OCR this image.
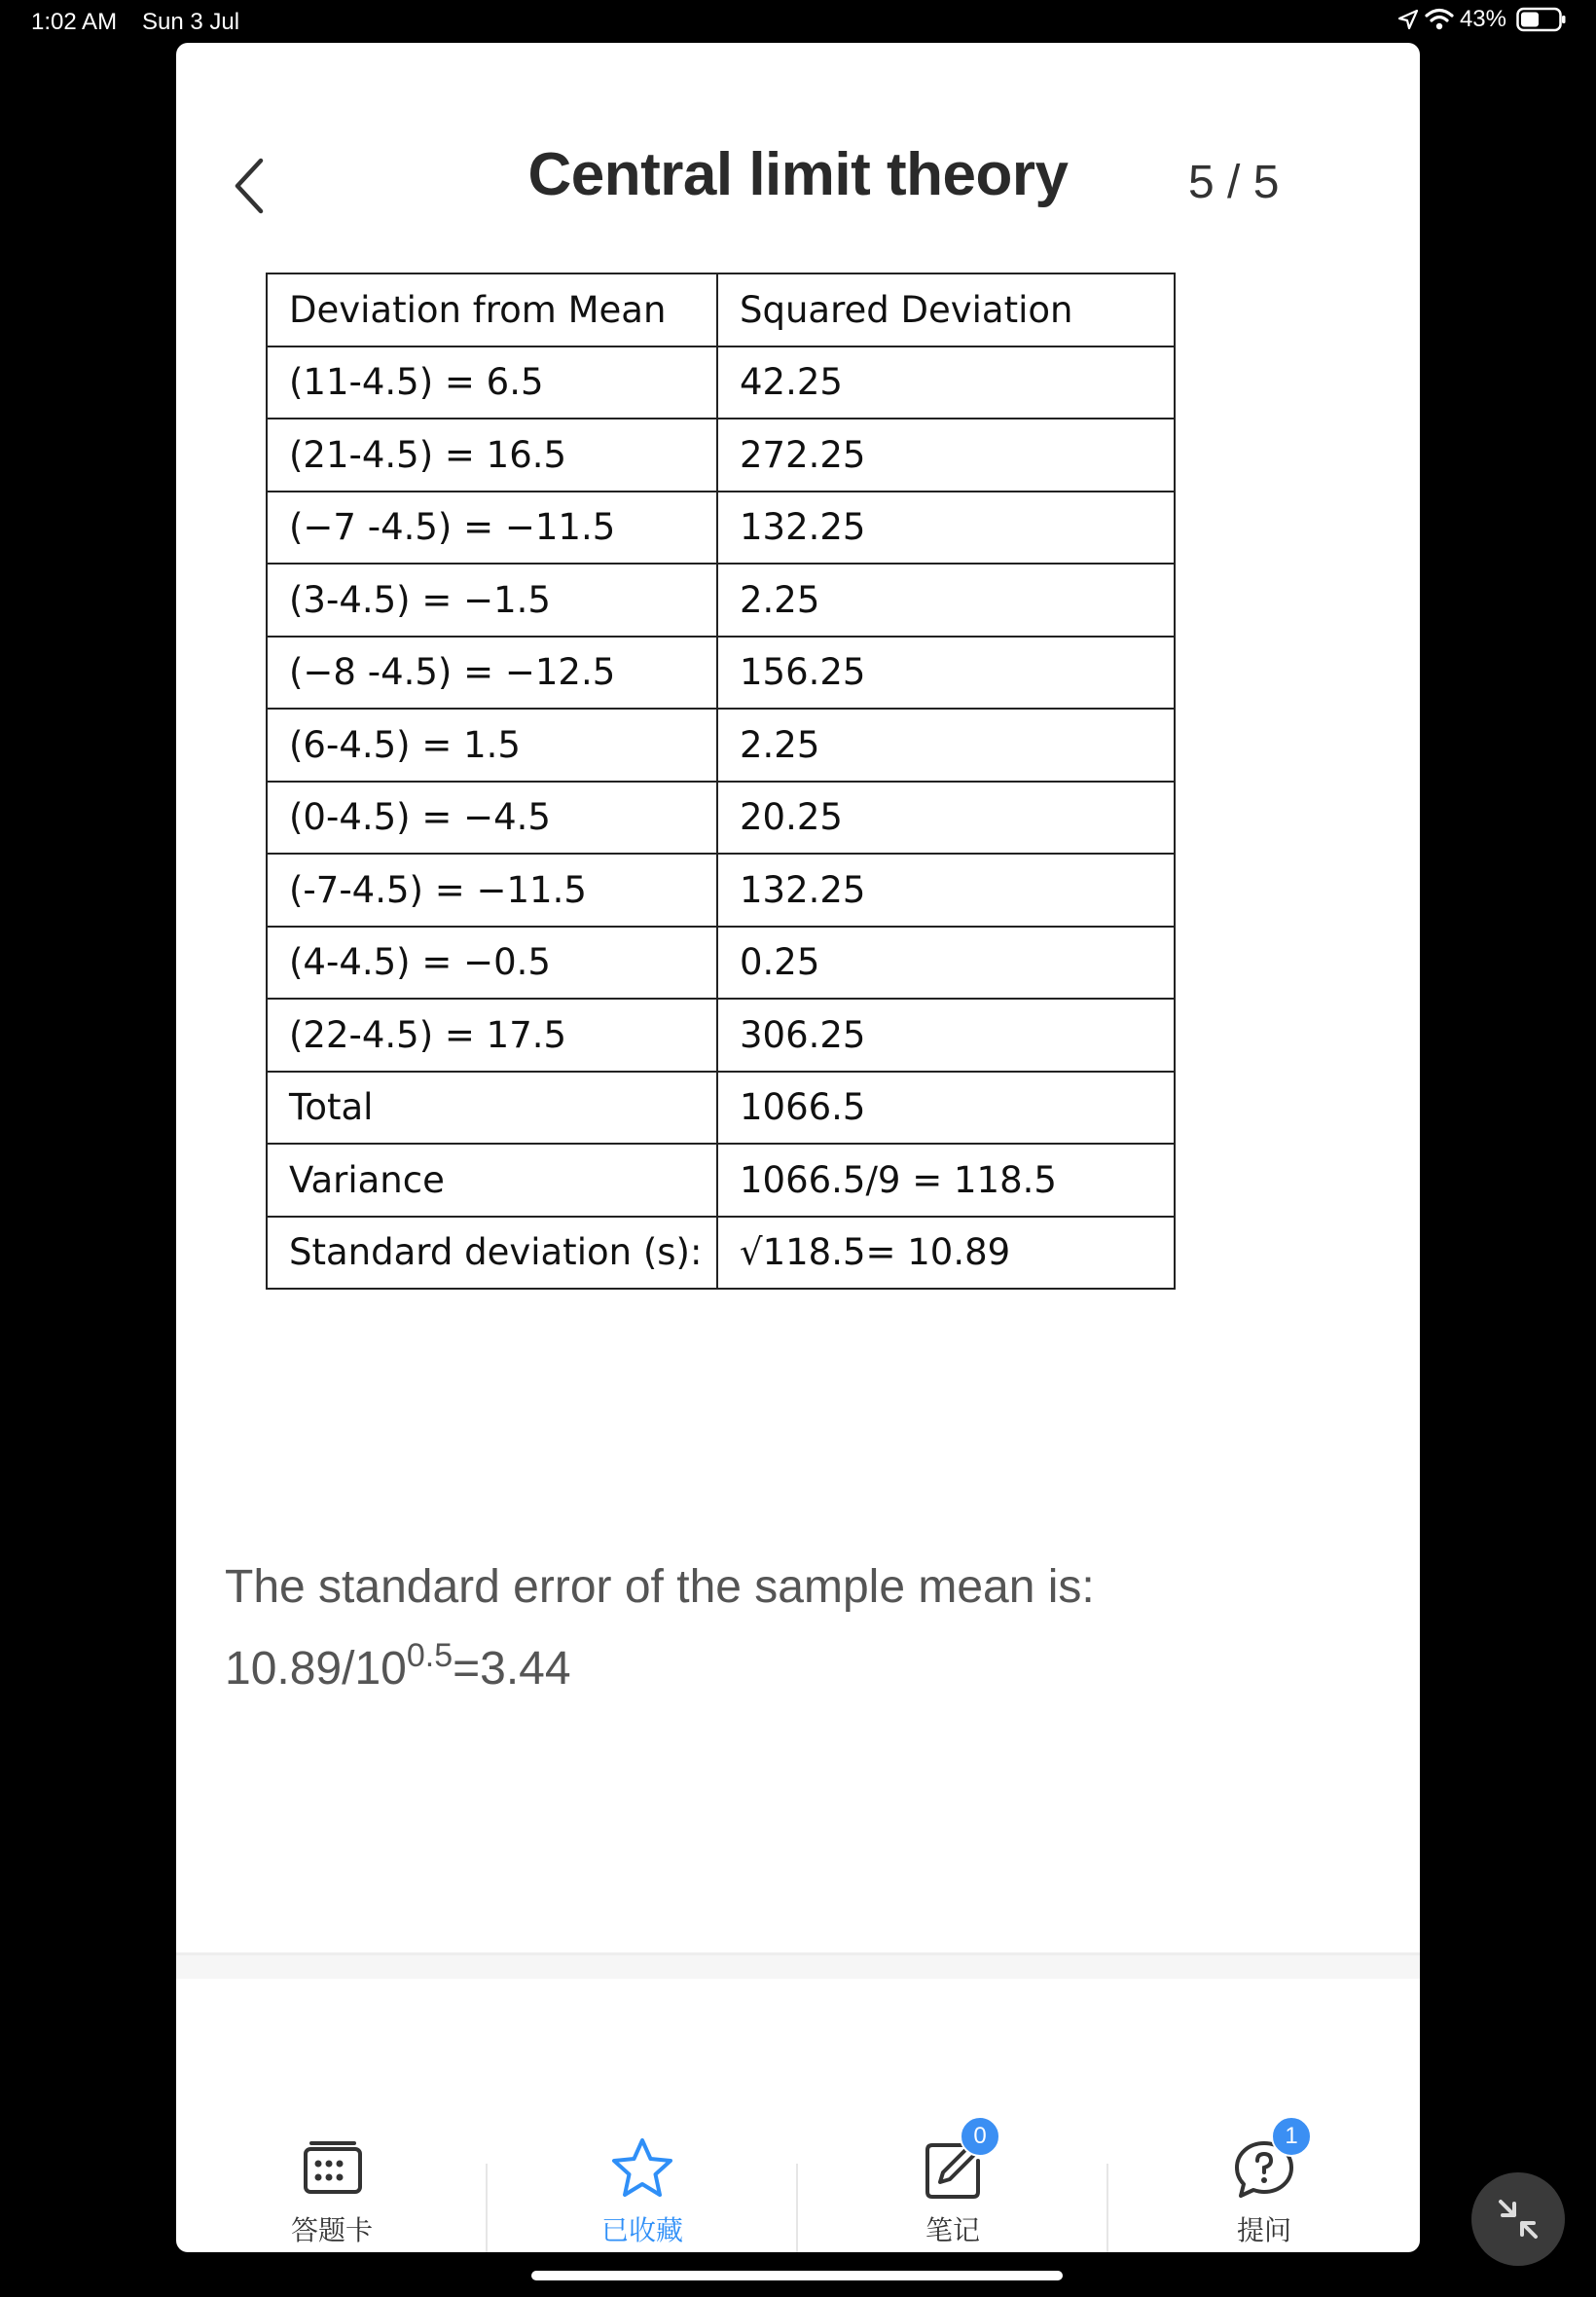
1:02 AM Sun 3 Jul	43%
Central limit theory	5 / 5
Deviation from Mean	Squared Deviation
(11-4.5) = 6.5	42.25
(21-4.5) = 16.5	272.25
(−7 -4.5) = −11.5	132.25
(3-4.5) = −1.5	2.25
(−8 -4.5) = −12.5	156.25
(6-4.5) = 1.5	2.25
(0-4.5) = −4.5	20.25
(-7-4.5) = −11.5	132.25
(4-4.5) = −0.5	0.25
(22-4.5) = 17.5	306.25
Total	1066.5
Variance	1066.5/9 = 118.5
Standard deviation (s):	√118.5= 10.89
The standard error of the sample mean is:
$10.89/10^{0.5}=3.44$
答题卡	已收藏
0
笔记
1
提问
